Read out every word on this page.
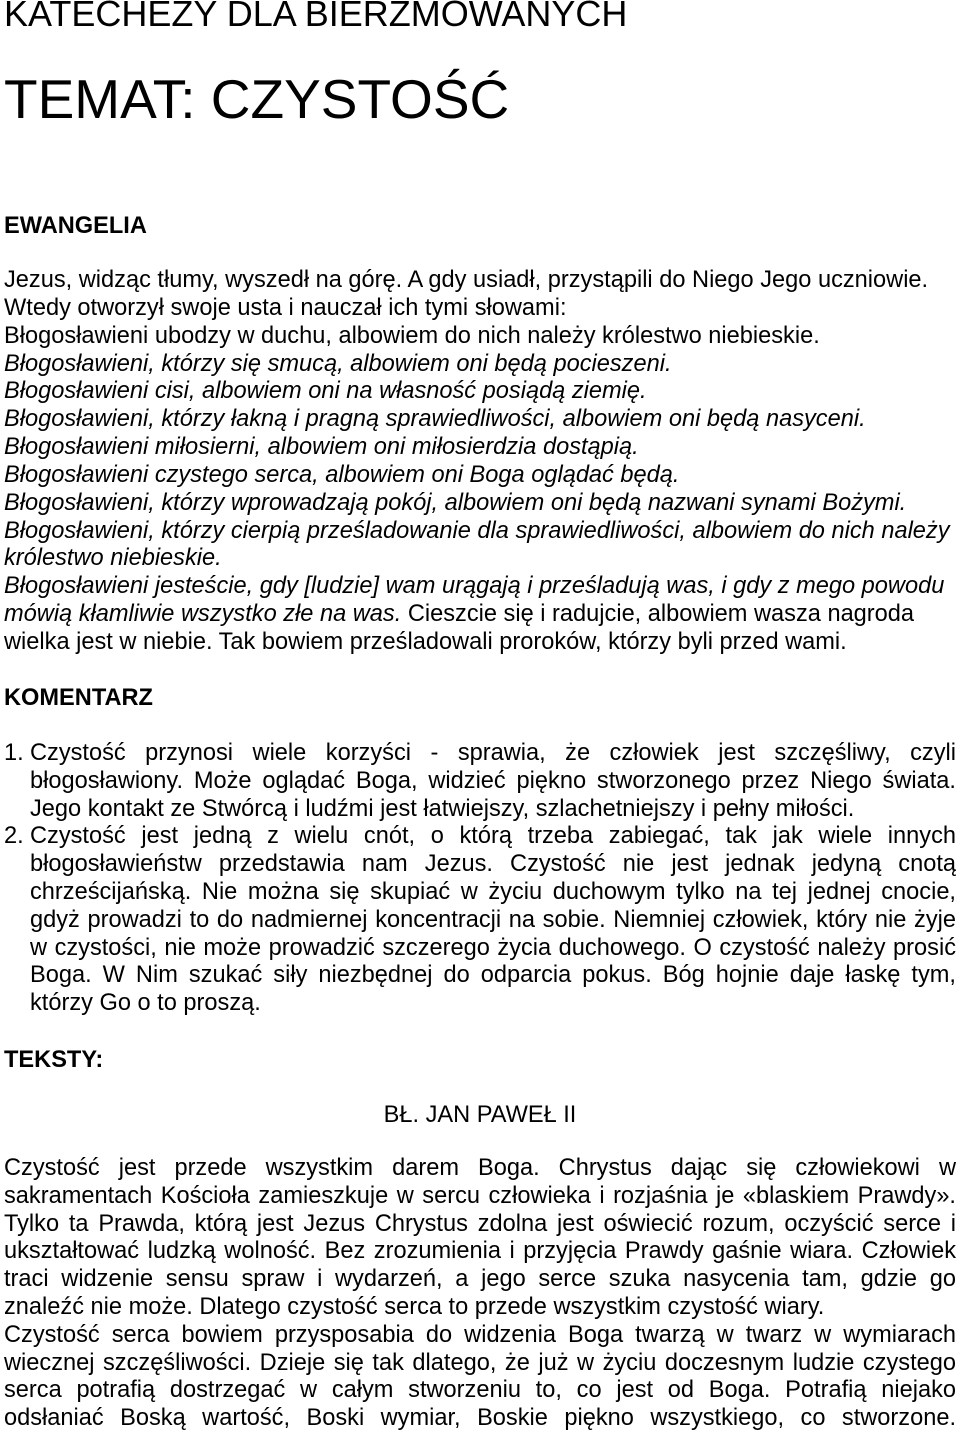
KATECHEZY DLA BIERZMOWANYCH
TEMAT: CZYSTOŚĆ
EWANGELIA
Jezus, widząc tłumy, wyszedł na górę. A gdy usiadł, przystąpili do Niego Jego uczniowie.
Wtedy otworzył swoje usta i nauczał ich tymi słowami:
Błogosławieni ubodzy w duchu, albowiem do nich należy królestwo niebieskie.
Błogosławieni, którzy się smucą, albowiem oni będą pocieszeni.
Błogosławieni cisi, albowiem oni na własność posiądą ziemię.
Błogosławieni, którzy łakną i pragną sprawiedliwości, albowiem oni będą nasyceni.
Błogosławieni miłosierni, albowiem oni miłosierdzia dostąpią.
Błogosławieni czystego serca, albowiem oni Boga oglądać będą.
Błogosławieni, którzy wprowadzają pokój, albowiem oni będą nazwani synami Bożymi.
Błogosławieni, którzy cierpią prześladowanie dla sprawiedliwości, albowiem do nich należy
królestwo niebieskie.
Błogosławieni jesteście, gdy [ludzie] wam urągają i prześladują was, i gdy z mego powodu
mówią kłamliwie wszystko złe na was. Cieszcie się i radujcie, albowiem wasza nagroda
wielka jest w niebie. Tak bowiem prześladowali proroków, którzy byli przed wami.
KOMENTARZ
1. Czystość przynosi wiele korzyści - sprawia, że człowiek jest szczęśliwy, czyli
błogosławiony. Może oglądać Boga, widzieć piękno stworzonego przez Niego świata.
Jego kontakt ze Stwórcą i ludźmi jest łatwiejszy, szlachetniejszy i pełny miłości.
2. Czystość jest jedną z wielu cnót, o którą trzeba zabiegać, tak jak wiele innych
błogosławieństw przedstawia nam Jezus. Czystość nie jest jednak jedyną cnotą
chrześcijańską. Nie można się skupiać w życiu duchowym tylko na tej jednej cnocie,
gdyż prowadzi to do nadmiernej koncentracji na sobie. Niemniej człowiek, który nie żyje
w czystości, nie może prowadzić szczerego życia duchowego. O czystość należy prosić
Boga. W Nim szukać siły niezbędnej do odparcia pokus. Bóg hojnie daje łaskę tym,
którzy Go o to proszą.
TEKSTY:
BŁ. JAN PAWEŁ II
Czystość jest przede wszystkim darem Boga. Chrystus dając się człowiekowi w
sakramentach Kościoła zamieszkuje w sercu człowieka i rozjaśnia je «blaskiem Prawdy».
Tylko ta Prawda, którą jest Jezus Chrystus zdolna jest oświecić rozum, oczyścić serce i
ukształtować ludzką wolność. Bez zrozumienia i przyjęcia Prawdy gaśnie wiara. Człowiek
traci widzenie sensu spraw i wydarzeń, a jego serce szuka nasycenia tam, gdzie go
znaleźć nie może. Dlatego czystość serca to przede wszystkim czystość wiary.
Czystość serca bowiem przysposabia do widzenia Boga twarzą w twarz w wymiarach
wiecznej szczęśliwości. Dzieje się tak dlatego, że już w życiu doczesnym ludzie czystego
serca potrafią dostrzegać w całym stworzeniu to, co jest od Boga. Potrafią niejako
odsłaniać Boską wartość, Boski wymiar, Boskie piękno wszystkiego, co stworzone.
